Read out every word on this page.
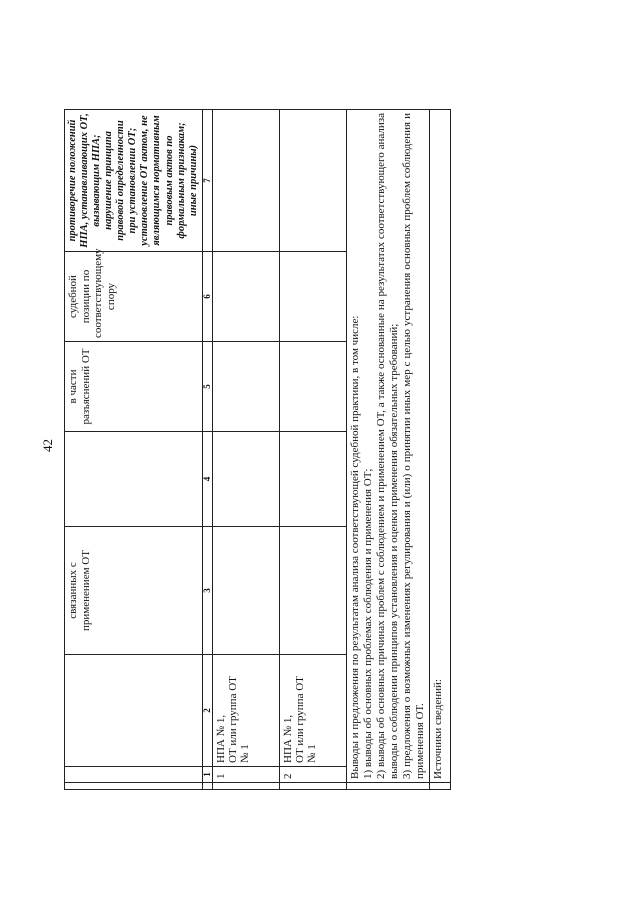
42
			связанных с применением ОТ		в части разъяснений ОТ	судебной позиции по соответствующему спору	противоречие положений НПА, устанавливающих ОТ, вызывающим НПА; нарушение принципа правовой определенности при установлении ОТ; установление ОТ актом, не являющимся нормативным правовым актов по формальным признакам; иные причины)
	1	2	3	4	5	6	7
	1	НПА № 1, ОТ или группа ОТ № 1					

	2	НПА № 1, ОТ или группа ОТ № 1					

	Выводы и предложения по результатам анализа соответствующей судебной практики, в том числе: 1) выводы об основных проблемах соблюдения и применения ОТ; 2) выводы об основных причинах проблем с соблюдением и применением ОТ, а также основанные на результатах соответствующего анализа выводы о соблюдении принципов установления и оценки применения обязательных требований; 3) предложения о возможных изменениях регулирования и (или) о принятии иных мер с целью устранения основных проблем соблюдения и применения ОТ.						

	Источники сведений:						
